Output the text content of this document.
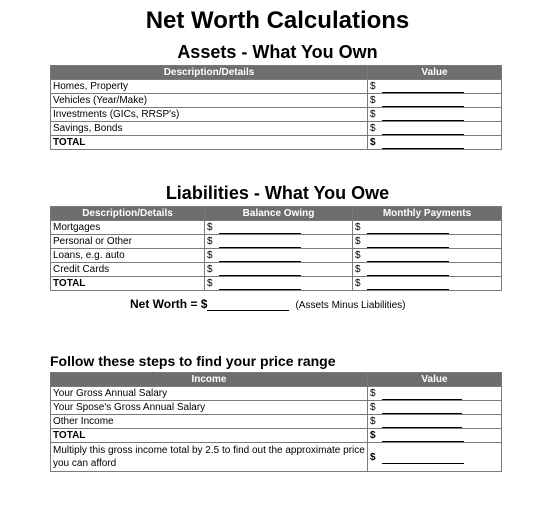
Net Worth Calculations
Assets - What You Own
Description/Details	Value
Homes, Property	$

Vehicles (Year/Make)	$

Investments (GICs, RRSP's)	$

Savings, Bonds	$

TOTAL	$
Liabilities - What You Owe
Description/Details	Balance Owing	Monthly Payments
Mortgages	$	$

Personal or Other	$	$

Loans, e.g. auto	$	$

Credit Cards	$	$

TOTAL	$	$
Net Worth = $	(Assets Minus Liabilities)
Follow these steps to find your price range
Income	Value
Your Gross Annual Salary	$

Your Spose's Gross Annual Salary	$

Other Income	$

TOTAL	$

Multiply this gross income total by 2.5 to find out the approximate price you can afford	$
